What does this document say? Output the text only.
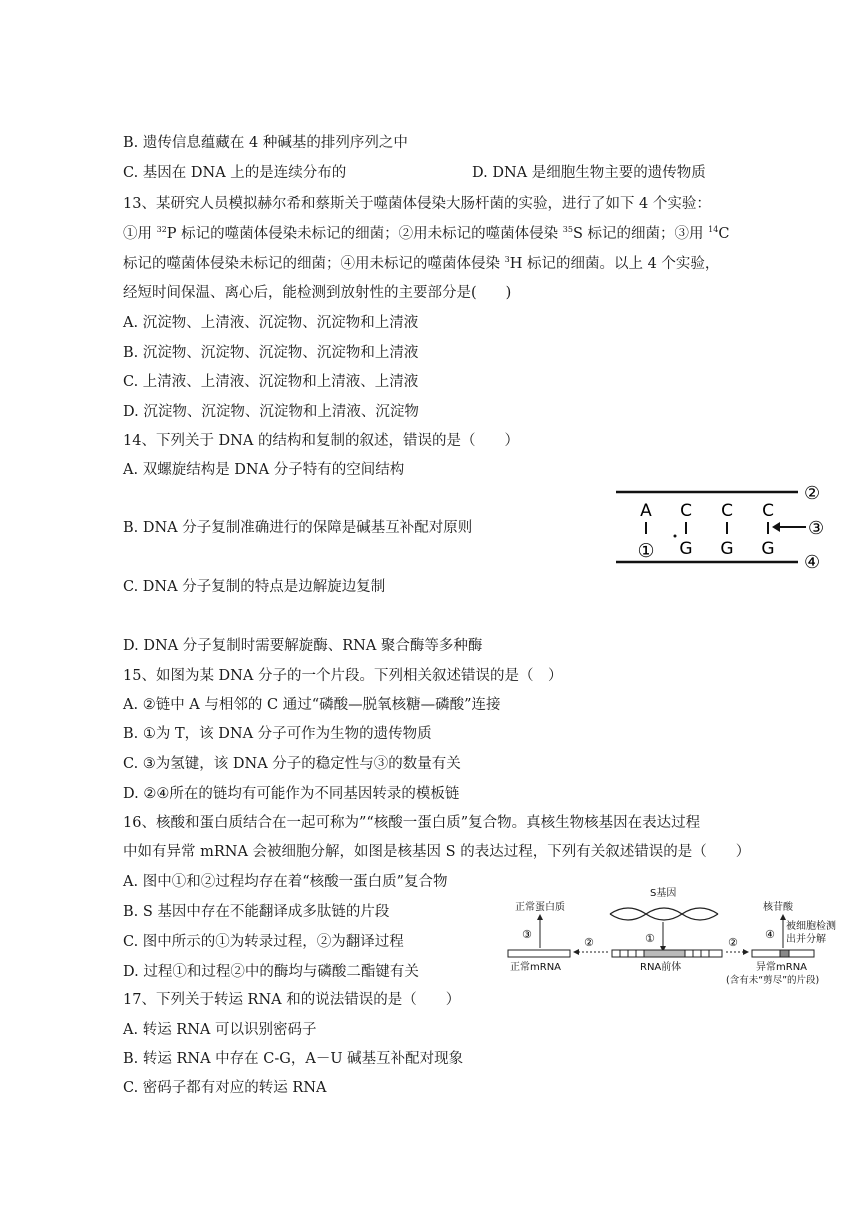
B. 遗传信息蕴藏在 4 种碱基的排列序列之中
C. 基因在 DNA 上的是连续分布的	D. DNA 是细胞生物主要的遗传物质
13、某研究人员模拟赫尔希和蔡斯关于噬菌体侵染大肠杆菌的实验，进行了如下 4 个实验：
①用 $^{32}$P 标记的噬菌体侵染未标记的细菌；②用未标记的噬菌体侵染 $^{35}$S 标记的细菌；③用 $^{14}$C
标记的噬菌体侵染未标记的细菌；④用未标记的噬菌体侵染 $^3$H 标记的细菌。以上 4 个实验，
经短时间保温、离心后，能检测到放射性的主要部分是(　　)
A. 沉淀物、上清液、沉淀物、沉淀物和上清液
B. 沉淀物、沉淀物、沉淀物、沉淀物和上清液
C. 上清液、上清液、沉淀物和上清液、上清液
D. 沉淀物、沉淀物、沉淀物和上清液、沉淀物
14、下列关于 DNA 的结构和复制的叙述，错误的是（　　）
A. 双螺旋结构是 DNA 分子特有的空间结构
B. DNA 分子复制准确进行的保障是碱基互补配对原则
C. DNA 分子复制的特点是边解旋边复制
D. DNA 分子复制时需要解旋酶、RNA 聚合酶等多种酶
②
④
A C C C
③
① G G G
15、如图为某 DNA 分子的一个片段。下列相关叙述错误的是（　）
A. ②链中 A 与相邻的 C 通过“磷酸—脱氧核糖—磷酸”连接
B. ①为 T，该 DNA 分子可作为生物的遗传物质
C. ③为氢键，该 DNA 分子的稳定性与③的数量有关
D. ②④所在的链均有可能作为不同基因转录的模板链
16、核酸和蛋白质结合在一起可称为”“核酸一蛋白质”复合物。真核生物核基因在表达过程
中如有异常 mRNA 会被细胞分解，如图是核基因 S 的表达过程，下列有关叙述错误的是（　　）
A. 图中①和②过程均存在着“核酸一蛋白质”复合物
B. S 基因中存在不能翻译成多肽链的片段
C. 图中所示的①为转录过程，②为翻译过程
D. 过程①和过程②中的酶均与磷酸二酯键有关
S基因
正常蛋白质	核苷酸
被细胞检测
出并分解
①
③	④
②	②
正常mRNA	RNA前体	异常mRNA
(含有未“剪尽”的片段)
17、下列关于转运 RNA 和的说法错误的是（　　）
A. 转运 RNA 可以识别密码子
B. 转运 RNA 中存在 C-G，A－U 碱基互补配对现象
C. 密码子都有对应的转运 RNA
